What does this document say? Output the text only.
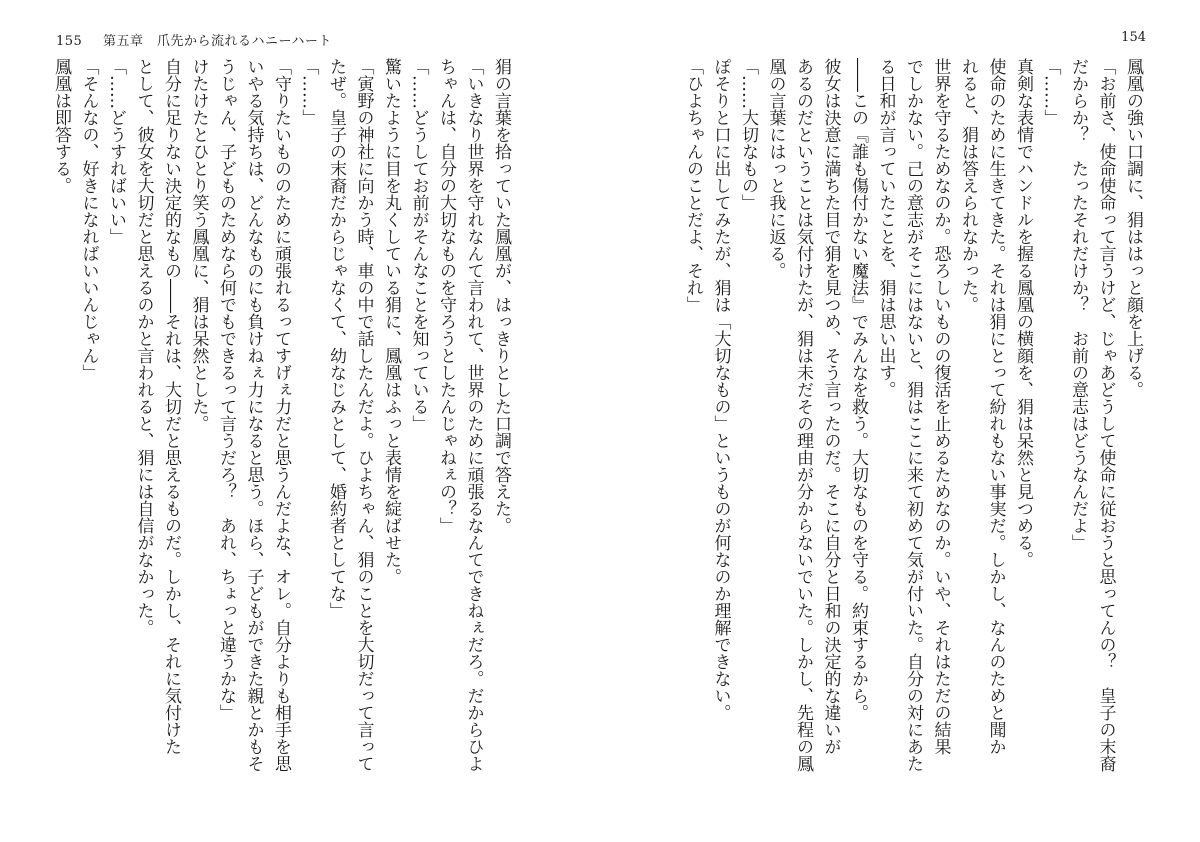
155 第五章　爪先から流れるハニーハート
狷の言葉を拾っていた鳳凰が、はっきりとした口調で答えた。
「いきなり世界を守れなんて言われて、世界のために頑張るなんてできねぇだろ。だからひよ
ちゃんは、自分の大切なものを守ろうとしたんじゃねぇの？」
「……どうしてお前がそんなことを知っている」
驚いたように目を丸くしている狷に、鳳凰はふっと表情を綻ばせた。
「寅野の神社に向かう時、車の中で話したんだよ。ひよちゃん、狷のことを大切だって言って
たぜ。皇子の末裔だからじゃなくて、幼なじみとして、婚約者としてな」
「……」
「守りたいもののために頑張れるってすげぇ力だと思うんだよな、オレ。自分よりも相手を思
いやる気持ちは、どんなものにも負けねぇ力になると思う。ほら、子どもができた親とかもそ
うじゃん、子どものためなら何でもできるって言うだろ？　あれ、ちょっと違うかな」
けたけたとひとり笑う鳳凰に、狷は呆然とした。
自分に足りない決定的なもの――それは、大切だと思えるものだ。しかし、それに気付けた
として、彼女を大切だと思えるのかと言われると、狷には自信がなかった。
「……どうすればいい」
「そんなの、好きになればいいんじゃん」
鳳凰は即答する。
154
鳳凰の強い口調に、狷ははっと顔を上げる。
「お前さ、使命使命って言うけど、じゃあどうして使命に従おうと思ってんの？　皇子の末裔
だからか？　たったそれだけか？　お前の意志はどうなんだよ」
「……」
真剣な表情でハンドルを握る鳳凰の横顔を、狷は呆然と見つめる。
使命のために生きてきた。それは狷にとって紛れもない事実だ。しかし、なんのためと聞か
れると、狷は答えられなかった。
世界を守るためなのか。恐ろしいものの復活を止めるためなのか。いや、それはただの結果
でしかない。己の意志がそこにはないと、狷はここに来て初めて気が付いた。自分の対にあた
る日和が言っていたことを、狷は思い出す。
――この『誰も傷付かない魔法』でみんなを救う。大切なものを守る。約束するから。
彼女は決意に満ちた目で狷を見つめ、そう言ったのだ。そこに自分と日和の決定的な違いが
あるのだということは気付けたが、狷は未だその理由が分からないでいた。しかし、先程の鳳
凰の言葉にはっと我に返る。
「……大切なもの」
ぽそりと口に出してみたが、狷は「大切なもの」というものが何なのか理解できない。
「ひよちゃんのことだよ、それ」
